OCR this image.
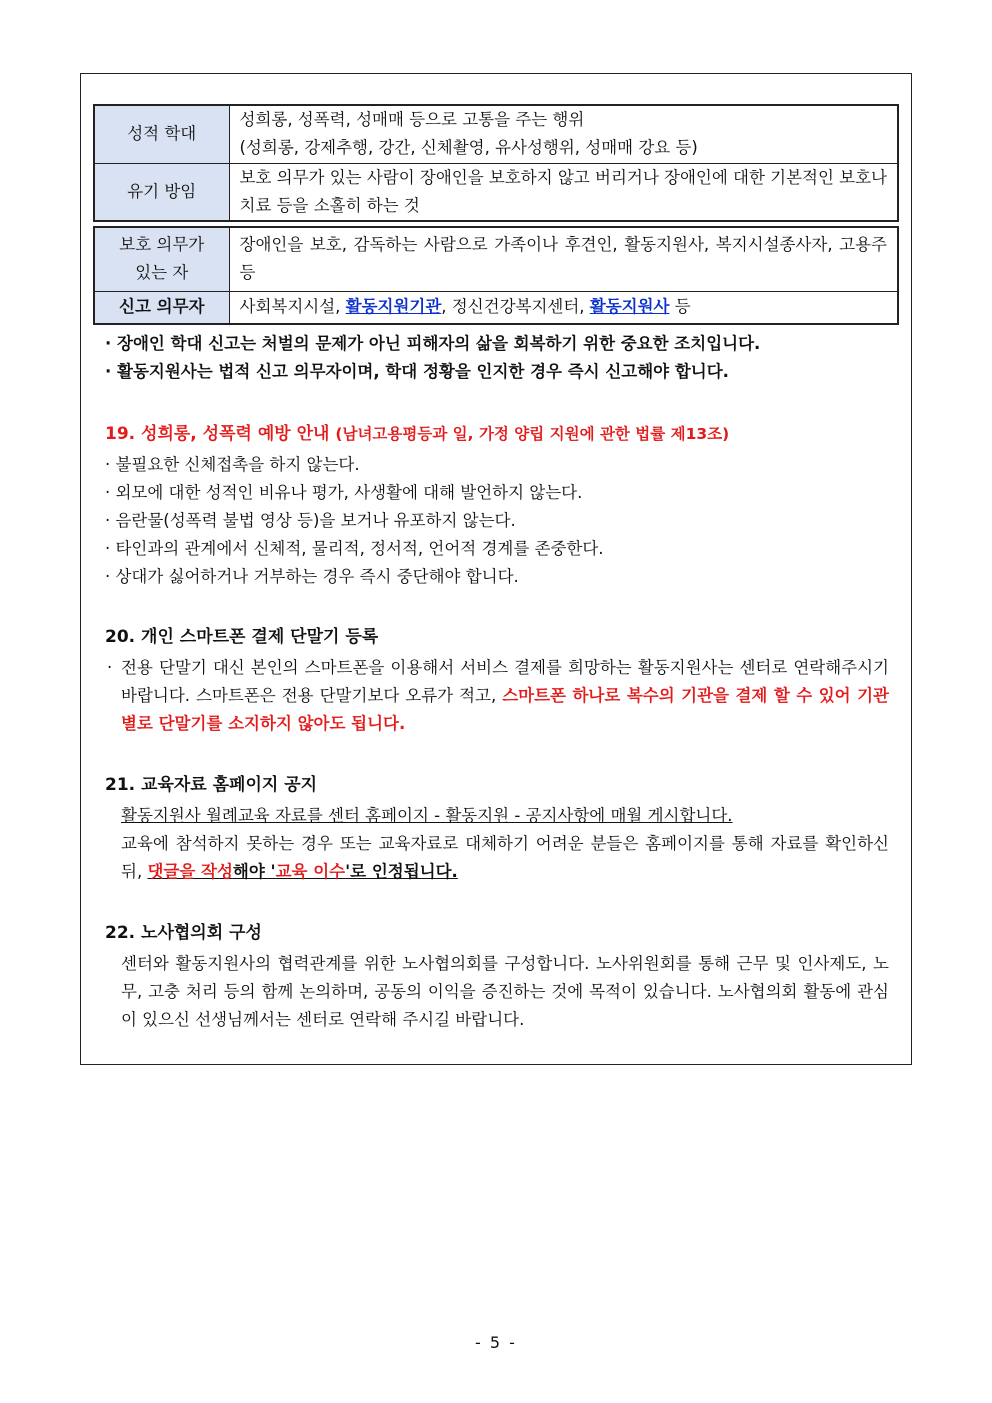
성적 학대	성희롱, 성폭력, 성매매 등으로 고통을 주는 행위
(성희롱, 강제추행, 강간, 신체촬영, 유사성행위, 성매매 강요 등)

유기 방임	보호 의무가 있는 사람이 장애인을 보호하지 않고 버리거나 장애인에 대한 기본적인 보호나 치료 등을 소홀히 하는 것
보호 의무가 있는 자	장애인을 보호, 감독하는 사람으로 가족이나 후견인, 활동지원사, 복지시설종사자, 고용주 등
신고 의무자	사회복지시설, 활동지원기관, 정신건강복지센터, 활동지원사 등
· 장애인 학대 신고는 처벌의 문제가 아닌 피해자의 삶을 회복하기 위한 중요한 조치입니다.
· 활동지원사는 법적 신고 의무자이며, 학대 정황을 인지한 경우 즉시 신고해야 합니다.
19. 성희롱, 성폭력 예방 안내 (남녀고용평등과 일, 가정 양립 지원에 관한 법률 제13조)
· 불필요한 신체접촉을 하지 않는다.
· 외모에 대한 성적인 비유나 평가, 사생활에 대해 발언하지 않는다.
· 음란물(성폭력 불법 영상 등)을 보거나 유포하지 않는다.
· 타인과의 관계에서 신체적, 물리적, 정서적, 언어적 경계를 존중한다.
· 상대가 싫어하거나 거부하는 경우 즉시 중단해야 합니다.
20. 개인 스마트폰 결제 단말기 등록
· 전용 단말기 대신 본인의 스마트폰을 이용해서 서비스 결제를 희망하는 활동지원사는 센터로 연락해주시기 바랍니다. 스마트폰은 전용 단말기보다 오류가 적고, 스마트폰 하나로 복수의 기관을 결제 할 수 있어 기관별로 단말기를 소지하지 않아도 됩니다.
21. 교육자료 홈페이지 공지
활동지원사 월례교육 자료를 센터 홈페이지 - 활동지원 - 공지사항에 매월 게시합니다.
교육에 참석하지 못하는 경우 또는 교육자료로 대체하기 어려운 분들은 홈페이지를 통해 자료를 확인하신 뒤, 댓글을 작성해야 '교육 이수'로 인정됩니다.
22. 노사협의회 구성
센터와 활동지원사의 협력관계를 위한 노사협의회를 구성합니다. 노사위원회를 통해 근무 및 인사제도, 노무, 고충 처리 등의 함께 논의하며, 공동의 이익을 증진하는 것에 목적이 있습니다. 노사협의회 활동에 관심이 있으신 선생님께서는 센터로 연락해 주시길 바랍니다.
- 5 -
